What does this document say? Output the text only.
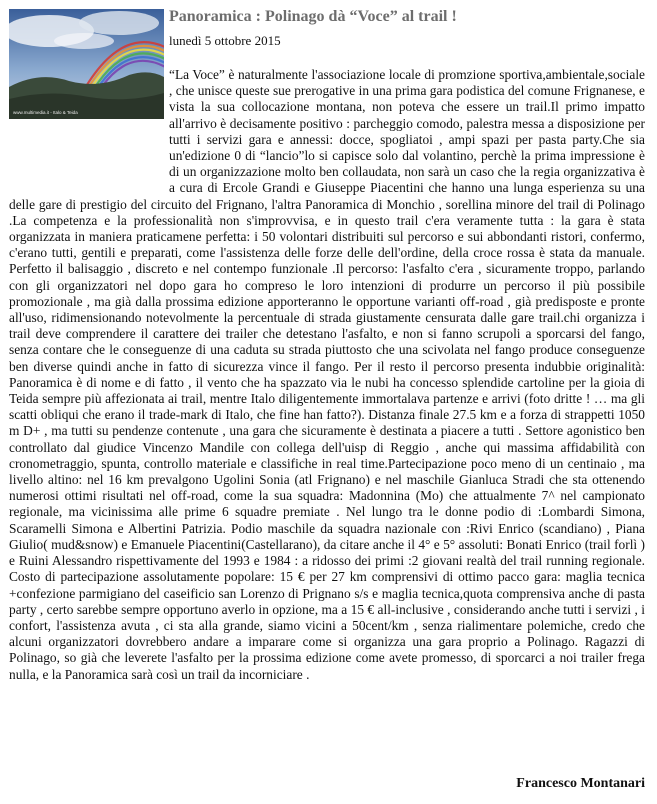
www.multimedia.it - Italo & Teida
Panoramica : Polinago dà “Voce” al trail !
lunedì 5 ottobre 2015
“La Voce” è naturalmente l'associazione locale di promzione sportiva,ambientale,sociale , che unisce queste sue prerogative in una prima gara podistica del comune Frignanese, e vista la sua collocazione montana, non poteva che essere un trail.Il primo impatto all'arrivo è decisamente positivo : parcheggio comodo, palestra messa a disposizione per tutti i servizi gara e annessi: docce, spogliatoi , ampi spazi per pasta party.Che sia un'edizione 0 di “lancio”lo si capisce solo dal volantino, perchè la prima impressione è di un organizzazione molto ben collaudata, non sarà un caso che la regia organizzativa è a cura di Ercole Grandi e Giuseppe Piacentini che hanno una lunga esperienza su una delle gare di prestigio del circuito del Frignano, l'altra Panoramica di Monchio , sorellina minore del trail di Polinago .La competenza e la professionalità non s'improvvisa, e in questo trail c'era veramente tutta : la gara è stata organizzata in maniera praticamene perfetta: i 50 volontari distribuiti sul percorso e sui abbondanti ristori, confermo, c'erano tutti, gentili e preparati, come l'assistenza delle forze delle dell'ordine, della croce rossa è stata da manuale. Perfetto il balisaggio , discreto e nel contempo funzionale .Il percorso: l'asfalto c'era , sicuramente troppo, parlando con gli organizzatori nel dopo gara ho compreso le loro intenzioni di produrre un percorso il più possibile promozionale , ma già dalla prossima edizione apporteranno le opportune varianti off-road , già predisposte e pronte all'uso, ridimensionando notevolmente la percentuale di strada giustamente censurata dalle gare trail.chi organizza i trail deve comprendere il carattere dei trailer che detestano l'asfalto, e non si fanno scrupoli a sporcarsi del fango, senza contare che le conseguenze di una caduta su strada piuttosto che una scivolata nel fango produce conseguenze ben diverse quindi anche in fatto di sicurezza vince il fango. Per il resto il percorso presenta indubbie originalità: Panoramica è di nome e di fatto , il vento che ha spazzato via le nubi ha concesso splendide cartoline per la gioia di Teida sempre più affezionata ai trail, mentre Italo diligentemente immortalava partenze e arrivi (foto dritte ! … ma gli scatti obliqui che erano il trade-mark di Italo, che fine han fatto?). Distanza finale 27.5 km e a forza di strappetti 1050 m D+ , ma tutti su pendenze contenute , una gara che sicuramente è destinata a piacere a tutti . Settore agonistico ben controllato dal giudice Vincenzo Mandile con collega dell'uisp di Reggio , anche qui massima affidabilità con cronometraggio, spunta, controllo materiale e classifiche in real time.Partecipazione poco meno di un centinaio , ma livello altino: nel 16 km prevalgono Ugolini Sonia (atl Frignano) e nel maschile Gianluca Stradi che sta ottenendo numerosi ottimi risultati nel off-road, come la sua squadra: Madonnina (Mo) che attualmente 7^ nel campionato regionale, ma vicinissima alle prime 6 squadre premiate . Nel lungo tra le donne podio di :Lombardi Simona, Scaramelli Simona e Albertini Patrizia. Podio maschile da squadra nazionale con :Rivi Enrico (scandiano) , Piana Giulio( mud&snow) e Emanuele Piacentini(Castellarano), da citare anche il 4° e 5° assoluti: Bonati Enrico (trail forlì ) e Ruini Alessandro rispettivamente del 1993 e 1984 : a ridosso dei primi :2 giovani realtà del trail running regionale. Costo di partecipazione assolutamente popolare: 15 € per 27 km comprensivi di ottimo pacco gara: maglia tecnica +confezione parmigiano del caseificio san Lorenzo di Prignano s/s e maglia tecnica,quota comprensiva anche di pasta party , certo sarebbe sempre opportuno averlo in opzione, ma a 15 € all-inclusive , considerando anche tutti i servizi , i confort, l'assistenza avuta , ci sta alla grande, siamo vicini a 50cent/km , senza rialimentare polemiche, credo che alcuni organizzatori dovrebbero andare a imparare come si organizza una gara proprio a Polinago. Ragazzi di Polinago, so già che leverete l'asfalto per la prossima edizione come avete promesso, di sporcarci a noi trailer frega nulla, e la Panoramica sarà così un trail da incorniciare .
Francesco Montanari
